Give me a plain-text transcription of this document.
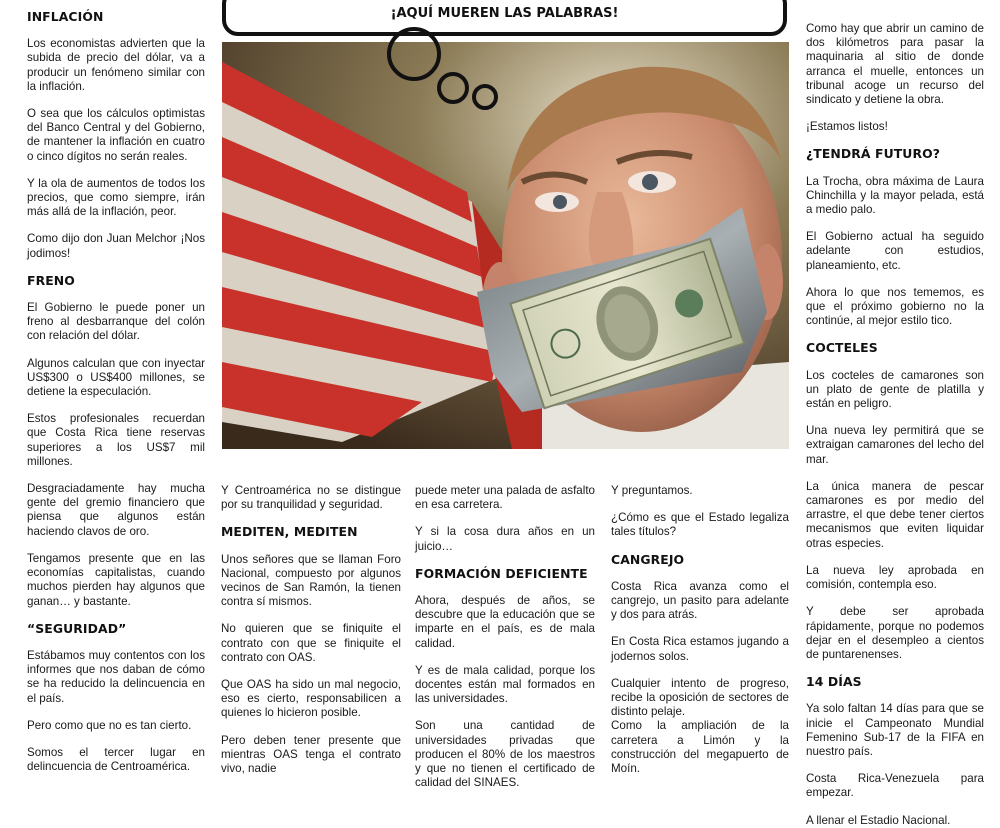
INFLACIÓN

Los economistas advierten que la subida de precio del dólar, va a producir un fenómeno similar con la inflación.

O sea que los cálculos optimistas del Banco Central y del Gobierno, de mantener la inflación en cuatro o cinco dígitos no serán reales.

Y la ola de aumentos de todos los precios, que como siempre, irán más allá de la inflación, peor.

Como dijo don Juan Melchor ¡Nos jodimos!

FRENO

El Gobierno le puede poner un freno al desbarranque del colón con relación del dólar.

Algunos calculan que con inyectar US$300 o US$400 millones, se detiene la especulación.

Estos profesionales recuerdan que Costa Rica tiene reservas superiores a los US$7 mil millones.

Desgraciadamente hay mucha gente del gremio financiero que piensa que algunos están haciendo clavos de oro.

Tengamos presente que en las economías capitalistas, cuando muchos pierden hay algunos que ganan… y bastante.

“SEGURIDAD”

Estábamos muy contentos con los informes que nos daban de cómo se ha reducido la delincuencia en el país.

Pero como que no es tan cierto.

Somos el tercer lugar en delincuencia de Centroamérica.

¡AQUÍ MUEREN LAS PALABRAS!

Y Centroamérica no se distingue por su tranquilidad y seguridad.

MEDITEN, MEDITEN

Unos señores que se llaman Foro Nacional, compuesto por algunos vecinos de San Ramón, la tienen contra sí mismos.

No quieren que se finiquite el contrato con que se finiquite el contrato con OAS.

Que OAS ha sido un mal negocio, eso es cierto, responsabilicen a quienes lo hicieron posible.

Pero deben tener presente que mientras OAS tenga el contrato vivo, nadie

puede meter una palada de asfalto en esa carretera.

Y si la cosa dura años en un juicio…

FORMACIÓN DEFICIENTE

Ahora, después de años, se descubre que la educación que se imparte en el país, es de mala calidad.

Y es de mala calidad, porque los docentes están mal formados en las universidades.

Son una cantidad de universidades privadas que producen el 80% de los maestros y que no tienen el certificado de calidad del SINAES.

Y preguntamos.

¿Cómo es que el Estado legaliza tales títulos?

CANGREJO

Costa Rica avanza como el cangrejo, un pasito para adelante y dos para atrás.

En Costa Rica estamos jugando a jodernos solos.

Cualquier intento de progreso, recibe la oposición de sectores de distinto pelaje.

Como la ampliación de la carretera a Limón y la construcción del megapuerto de Moín.

Como hay que abrir un camino de dos kilómetros para pasar la maquinaria al sitio de donde arranca el muelle, entonces un tribunal acoge un recurso del sindicato y detiene la obra.

¡Estamos listos!

¿TENDRÁ FUTURO?

La Trocha, obra máxima de Laura Chinchilla y la mayor pelada, está a medio palo.

El Gobierno actual ha seguido adelante con estudios, planeamiento, etc.

Ahora lo que nos tememos, es que el próximo gobierno no la continúe, al mejor estilo tico.

COCTELES

Los cocteles de camarones son un plato de gente de platilla y están en peligro.

Una nueva ley permitirá que se extraigan camarones del lecho del mar.

La única manera de pescar camarones es por medio del arrastre, el que debe tener ciertos mecanismos que eviten liquidar otras especies.

La nueva ley aprobada en comisión, contempla eso.

Y debe ser aprobada rápidamente, porque no podemos dejar en el desempleo a cientos de puntarenenses.

14 DÍAS

Ya solo faltan 14 días para que se inicie el Campeonato Mundial Femenino Sub-17 de la FIFA en nuestro país.

Costa Rica-Venezuela para empezar.

A llenar el Estadio Nacional.
